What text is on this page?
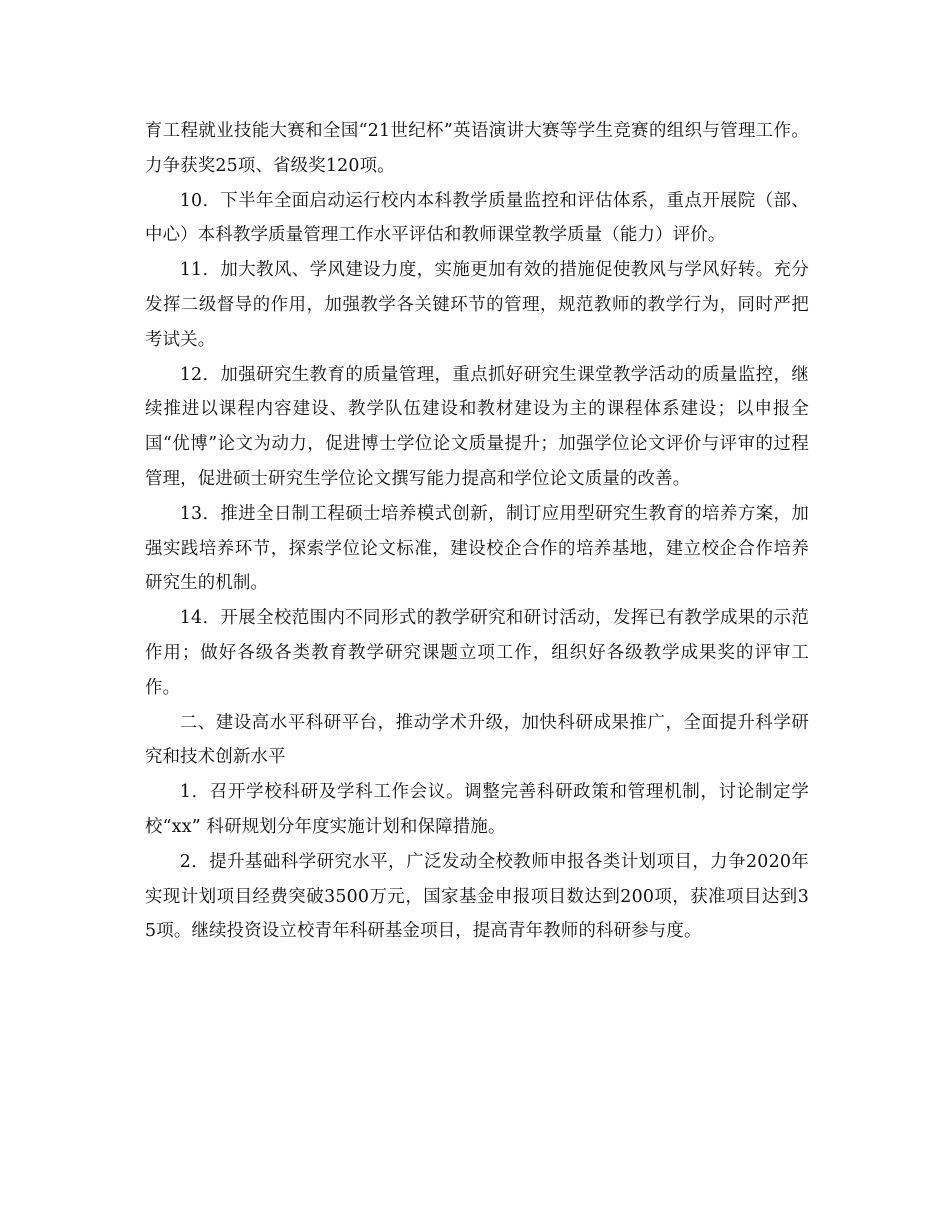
育工程就业技能大赛和全国“21世纪杯”英语演讲大赛等学生竞赛的组织与管理工作。力争获奖25项、省级奖120项。

10．下半年全面启动运行校内本科教学质量监控和评估体系，重点开展院（部、中心）本科教学质量管理工作水平评估和教师课堂教学质量（能力）评价。

11．加大教风、学风建设力度，实施更加有效的措施促使教风与学风好转。充分发挥二级督导的作用，加强教学各关键环节的管理，规范教师的教学行为，同时严把考试关。

12．加强研究生教育的质量管理，重点抓好研究生课堂教学活动的质量监控，继续推进以课程内容建设、教学队伍建设和教材建设为主的课程体系建设；以申报全国“优博”论文为动力，促进博士学位论文质量提升；加强学位论文评价与评审的过程管理，促进硕士研究生学位论文撰写能力提高和学位论文质量的改善。

13．推进全日制工程硕士培养模式创新，制订应用型研究生教育的培养方案，加强实践培养环节，探索学位论文标准，建设校企合作的培养基地，建立校企合作培养研究生的机制。

14．开展全校范围内不同形式的教学研究和研讨活动，发挥已有教学成果的示范作用；做好各级各类教育教学研究课题立项工作，组织好各级教学成果奖的评审工作。

二、建设高水平科研平台，推动学术升级，加快科研成果推广，全面提升科学研究和技术创新水平

1．召开学校科研及学科工作会议。调整完善科研政策和管理机制，讨论制定学校“xx” 科研规划分年度实施计划和保障措施。

2．提升基础科学研究水平，广泛发动全校教师申报各类计划项目，力争2020年实现计划项目经费突破3500万元，国家基金申报项目数达到200项，获准项目达到35项。继续投资设立校青年科研基金项目，提高青年教师的科研参与度。
